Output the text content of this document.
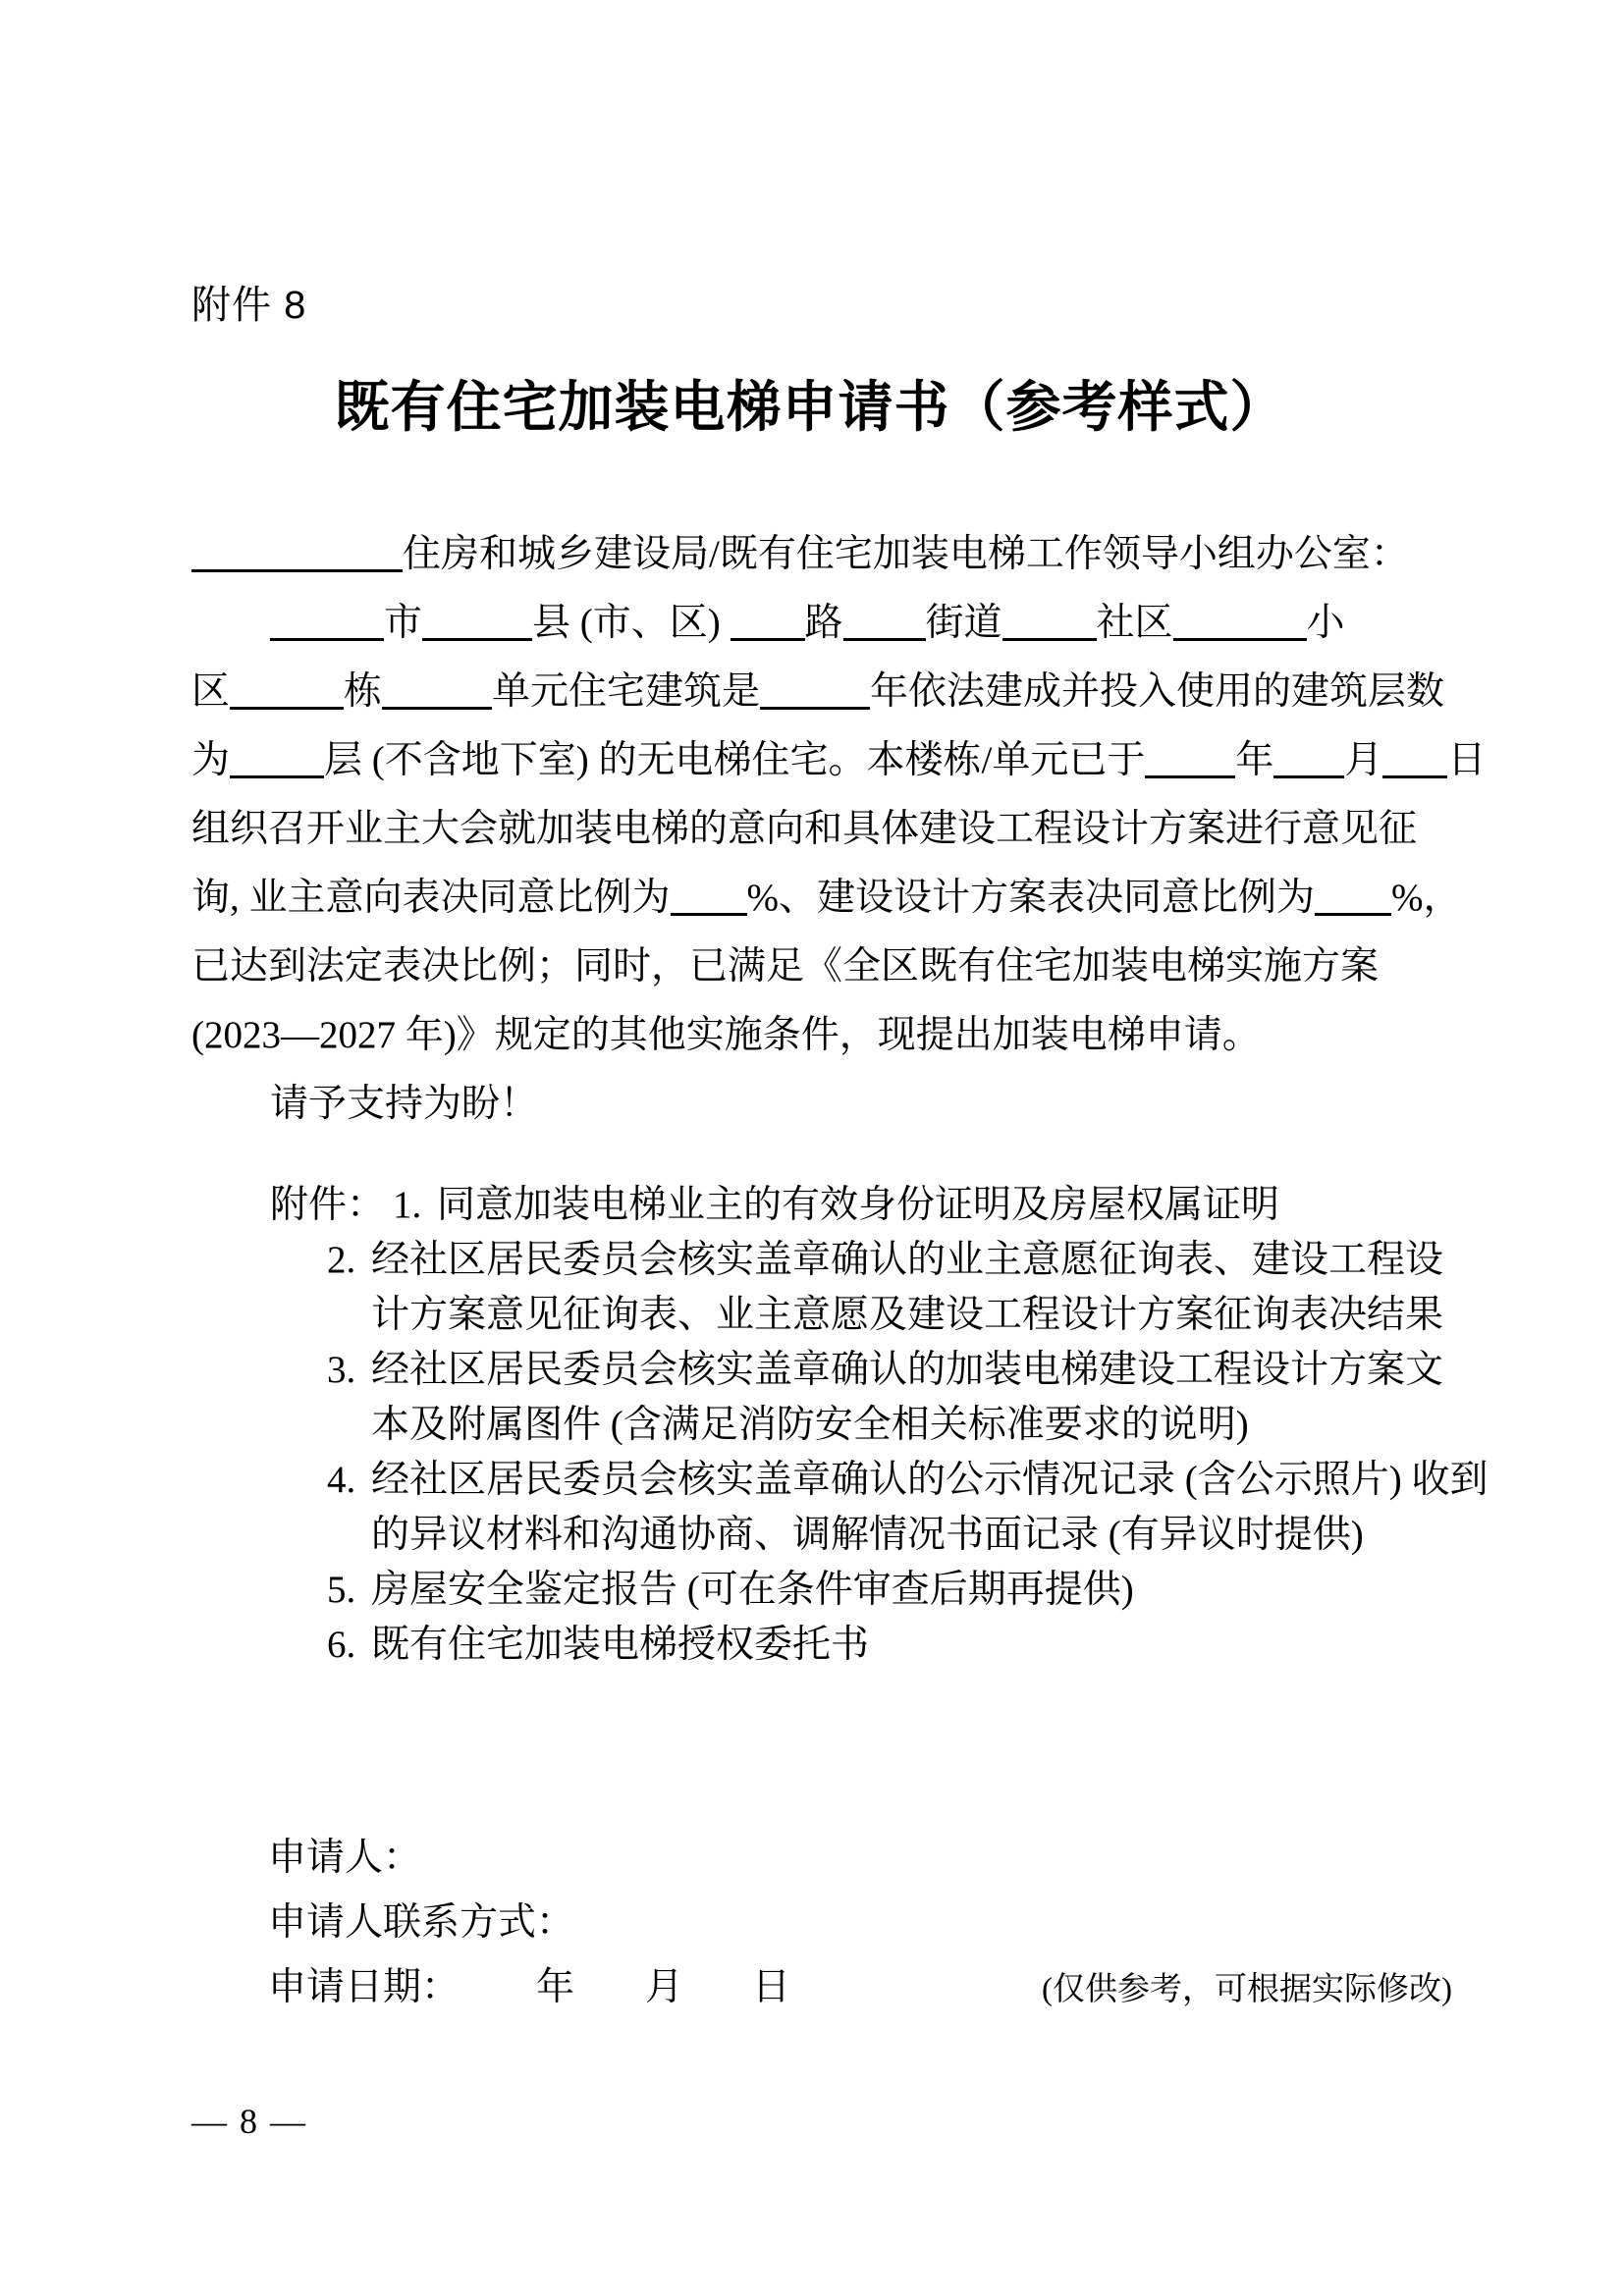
附件 8
既有住宅加装电梯申请书（参考样式）
住房和城乡建设局/既有住宅加装电梯工作领导小组办公室：
市	县 (市、区) 路 街道 社区	小
区	栋	单元住宅建筑是	年依法建成并投入使用的建筑层数
为 层 (不含地下室) 的无电梯住宅。本楼栋/单元已于 年 月 日
组织召开业主大会就加装电梯的意向和具体建设工程设计方案进行意见征
询, 业主意向表决同意比例为 %、建设设计方案表决同意比例为 %，
已达到法定表决比例；同时，已满足《全区既有住宅加装电梯实施方案
(2023—2027 年)》规定的其他实施条件，现提出加装电梯申请。
请予支持为盼！
附件： 1. 同意加装电梯业主的有效身份证明及房屋权属证明
2. 经社区居民委员会核实盖章确认的业主意愿征询表、建设工程设
计方案意见征询表、业主意愿及建设工程设计方案征询表决结果
3. 经社区居民委员会核实盖章确认的加装电梯建设工程设计方案文
本及附属图件 (含满足消防安全相关标准要求的说明)
4. 经社区居民委员会核实盖章确认的公示情况记录 (含公示照片) 收到
的异议材料和沟通协商、调解情况书面记录 (有异议时提供)
5. 房屋安全鉴定报告 (可在条件审查后期再提供)
6. 既有住宅加装电梯授权委托书
申请人：
申请人联系方式：
申请日期： 年 月 日	(仅供参考，可根据实际修改)
— 8 —
